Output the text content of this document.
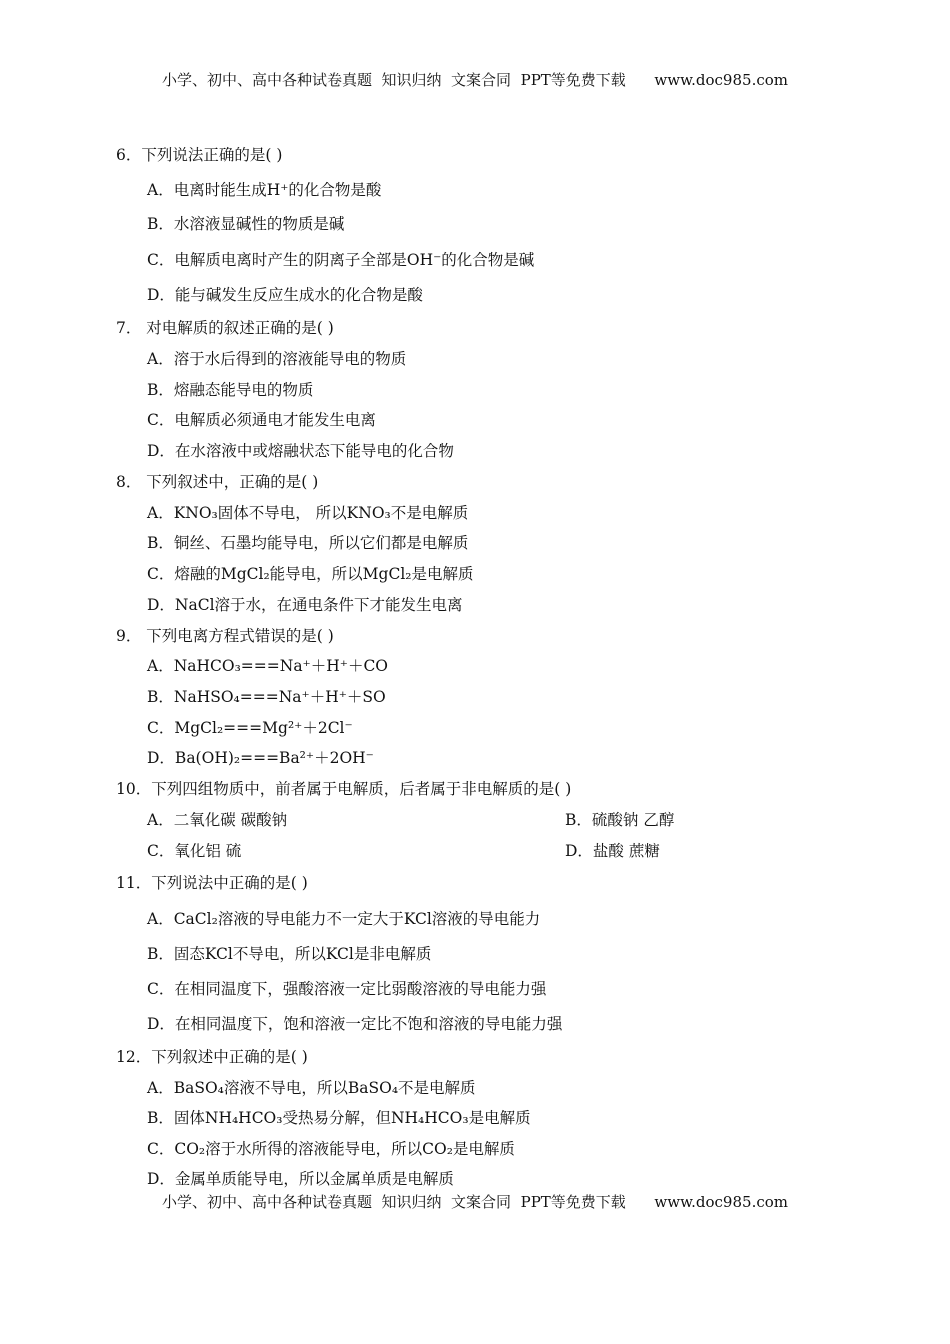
小学、初中、高中各种试卷真题  知识归纳  文案合同  PPT等免费下载      www.doc985.com
6．下列说法正确的是( )
A．电离时能生成H⁺的化合物是酸
B．水溶液显碱性的物质是碱
C．电解质电离时产生的阴离子全部是OH⁻的化合物是碱
D．能与碱发生反应生成水的化合物是酸
7． 对电解质的叙述正确的是( )
A．溶于水后得到的溶液能导电的物质
B．熔融态能导电的物质
C．电解质必须通电才能发生电离
D．在水溶液中或熔融状态下能导电的化合物
8． 下列叙述中，正确的是( )
A．KNO₃固体不导电， 所以KNO₃不是电解质
B．铜丝、石墨均能导电，所以它们都是电解质
C．熔融的MgCl₂能导电，所以MgCl₂是电解质
D．NaCl溶于水，在通电条件下才能发生电离
9． 下列电离方程式错误的是( )
A．NaHCO₃===Na⁺＋H⁺＋CO
B．NaHSO₄===Na⁺＋H⁺＋SO
C．MgCl₂===Mg²⁺＋2Cl⁻
D．Ba(OH)₂===Ba²⁺＋2OH⁻
10．下列四组物质中，前者属于电解质，后者属于非电解质的是( )
A．二氧化碳 碳酸钠	B．硫酸钠 乙醇
C．氧化铝 硫	D．盐酸 蔗糖
11．下列说法中正确的是( )
A．CaCl₂溶液的导电能力不一定大于KCl溶液的导电能力
B．固态KCl不导电，所以KCl是非电解质
C．在相同温度下，强酸溶液一定比弱酸溶液的导电能力强
D．在相同温度下，饱和溶液一定比不饱和溶液的导电能力强
12．下列叙述中正确的是( )
A．BaSO₄溶液不导电，所以BaSO₄不是电解质
B．固体NH₄HCO₃受热易分解，但NH₄HCO₃是电解质
C．CO₂溶于水所得的溶液能导电，所以CO₂是电解质
D．金属单质能导电，所以金属单质是电解质
小学、初中、高中各种试卷真题  知识归纳  文案合同  PPT等免费下载      www.doc985.com
